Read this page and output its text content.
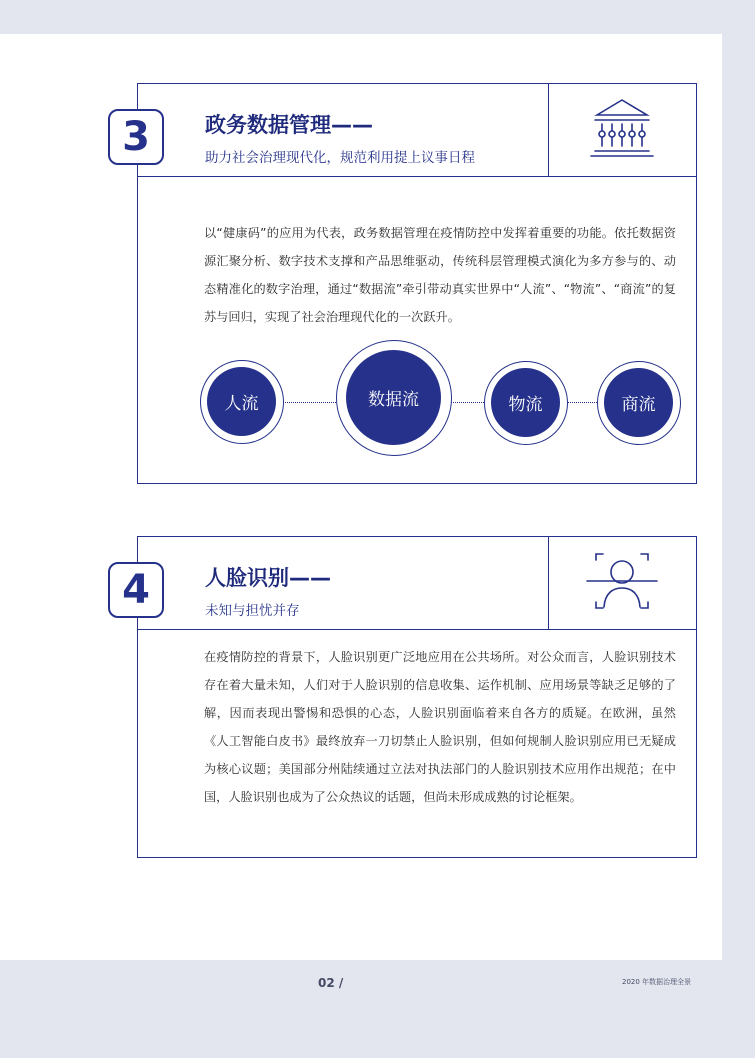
政务数据管理——
助力社会治理现代化，规范利用提上议事日程
3
以“健康码”的应用为代表，政务数据管理在疫情防控中发挥着重要的功能。依托数据资源汇聚分析、数字技术支撑和产品思维驱动，传统科层管理模式演化为多方参与的、动态精准化的数字治理，通过“数据流”牵引带动真实世界中“人流”、“物流”、“商流”的复苏与回归，实现了社会治理现代化的一次跃升。
人流	数据流	物流	商流
人脸识别——
未知与担忧并存
4
在疫情防控的背景下，人脸识别更广泛地应用在公共场所。对公众而言，人脸识别技术存在着大量未知，人们对于人脸识别的信息收集、运作机制、应用场景等缺乏足够的了解，因而表现出警惕和恐惧的心态，人脸识别面临着来自各方的质疑。在欧洲，虽然《人工智能白皮书》最终放弃一刀切禁止人脸识别，但如何规制人脸识别应用已无疑成为核心议题；美国部分州陆续通过立法对执法部门的人脸识别技术应用作出规范；在中国，人脸识别也成为了公众热议的话题，但尚未形成成熟的讨论框架。
02 /	2020 年数据治理全景
